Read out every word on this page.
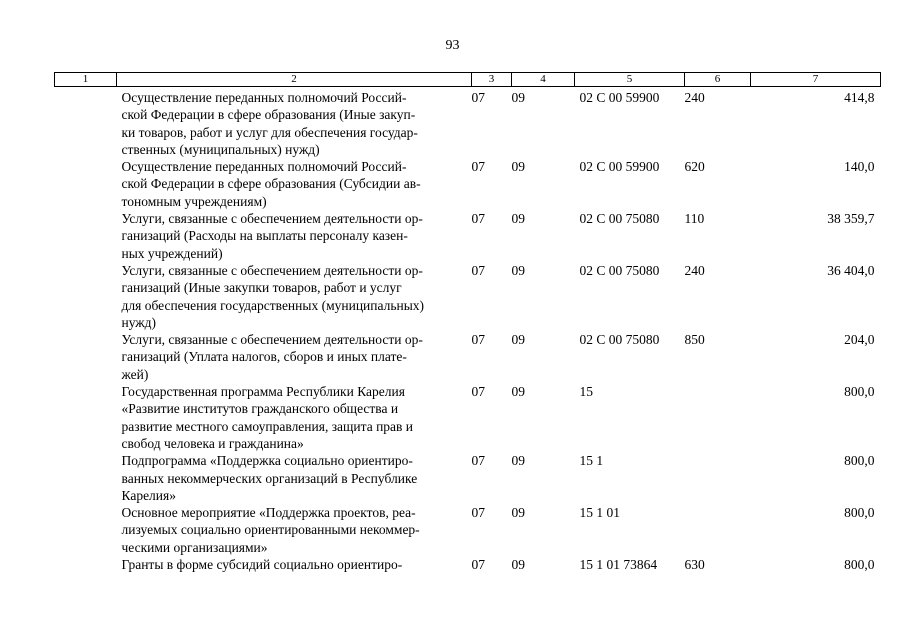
93
1	2	3	4	5	6	7
	Осуществление переданных полномочий Россий-
ской Федерации в сфере образования (Иные закуп-
ки товаров, работ и услуг для обеспечения государ-
ственных (муниципальных) нужд)	07	09	02 С 00 59900	240	414,8
	Осуществление переданных полномочий Россий-
ской Федерации в сфере образования (Субсидии ав-
тономным учреждениям)	07	09	02 С 00 59900	620	140,0
	Услуги, связанные с обеспечением деятельности ор-
ганизаций (Расходы на выплаты персоналу казен-
ных учреждений)	07	09	02 С 00 75080	110	38 359,7
	Услуги, связанные с обеспечением деятельности ор-
ганизаций (Иные закупки товаров, работ и услуг
для обеспечения государственных (муниципальных)
нужд)	07	09	02 С 00 75080	240	36 404,0
	Услуги, связанные с обеспечением деятельности ор-
ганизаций (Уплата налогов, сборов и иных плате-
жей)	07	09	02 С 00 75080	850	204,0
	Государственная программа Республики Карелия
«Развитие институтов гражданского общества и
развитие местного самоуправления, защита прав и
свобод человека и гражданина»	07	09	15		800,0
	Подпрограмма «Поддержка социально ориентиро-
ванных некоммерческих организаций в Республике
Карелия»	07	09	15 1		800,0
	Основное мероприятие «Поддержка проектов, реа-
лизуемых социально ориентированными некоммер-
ческими организациями»	07	09	15 1 01		800,0
	Гранты в форме субсидий социально ориентиро-	07	09	15 1 01 73864	630	800,0
